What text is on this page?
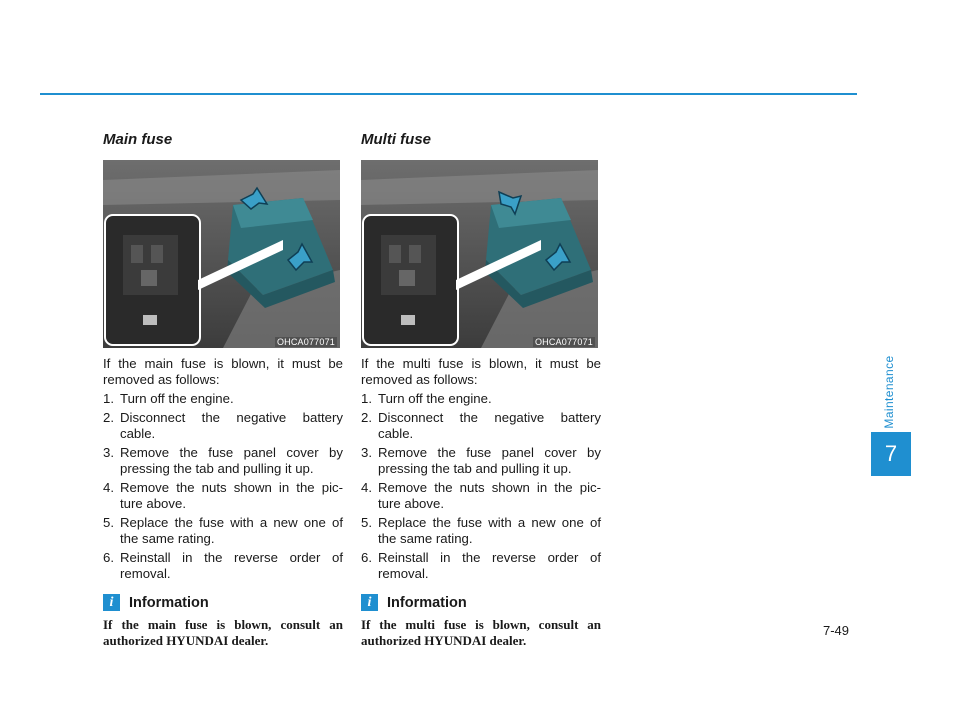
Main fuse
OHCA077071

If the main fuse is blown, it must be removed as follows:

1. Turn off the engine.
2. Disconnect the negative battery cable.
3. Remove the fuse panel cover by pressing the tab and pulling it up.
4. Remove the nuts shown in the pic-ture above.
5. Replace the fuse with a new one of the same rating.
6. Reinstall in the reverse order of removal.
i	Information

If the main fuse is blown, consult an authorized HYUNDAI dealer.

Multi fuse
OHCA077071

If the multi fuse is blown, it must be removed as follows:

1. Turn off the engine.
2. Disconnect the negative battery cable.
3. Remove the fuse panel cover by pressing the tab and pulling it up.
4. Remove the nuts shown in the pic-ture above.
5. Replace the fuse with a new one of the same rating.
6. Reinstall in the reverse order of removal.
i	Information

If the multi fuse is blown, consult an authorized HYUNDAI dealer.

Maintenance
7
7-49
